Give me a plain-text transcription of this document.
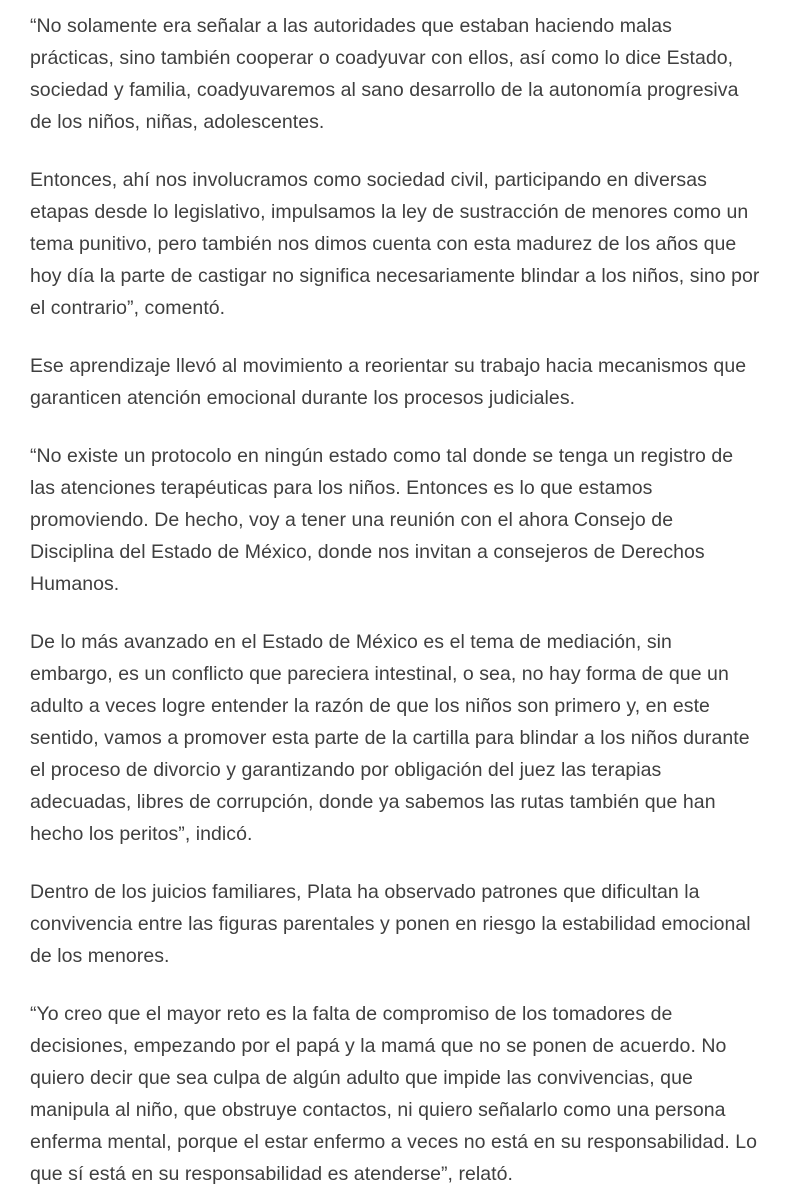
“No solamente era señalar a las autoridades que estaban haciendo malas prácticas, sino también cooperar o coadyuvar con ellos, así como lo dice Estado, sociedad y familia, coadyuvaremos al sano desarrollo de la autonomía progresiva de los niños, niñas, adolescentes.

Entonces, ahí nos involucramos como sociedad civil, participando en diversas etapas desde lo legislativo, impulsamos la ley de sustracción de menores como un tema punitivo, pero también nos dimos cuenta con esta madurez de los años que hoy día la parte de castigar no significa necesariamente blindar a los niños, sino por el contrario”, comentó.

Ese aprendizaje llevó al movimiento a reorientar su trabajo hacia mecanismos que garanticen atención emocional durante los procesos judiciales.

“No existe un protocolo en ningún estado como tal donde se tenga un registro de las atenciones terapéuticas para los niños. Entonces es lo que estamos promoviendo. De hecho, voy a tener una reunión con el ahora Consejo de Disciplina del Estado de México, donde nos invitan a consejeros de Derechos Humanos.

De lo más avanzado en el Estado de México es el tema de mediación, sin embargo, es un conflicto que pareciera intestinal, o sea, no hay forma de que un adulto a veces logre entender la razón de que los niños son primero y, en este sentido, vamos a promover esta parte de la cartilla para blindar a los niños durante el proceso de divorcio y garantizando por obligación del juez las terapias adecuadas, libres de corrupción, donde ya sabemos las rutas también que han hecho los peritos”, indicó.

Dentro de los juicios familiares, Plata ha observado patrones que dificultan la convivencia entre las figuras parentales y ponen en riesgo la estabilidad emocional de los menores.

“Yo creo que el mayor reto es la falta de compromiso de los tomadores de decisiones, empezando por el papá y la mamá que no se ponen de acuerdo. No quiero decir que sea culpa de algún adulto que impide las convivencias, que manipula al niño, que obstruye contactos, ni quiero señalarlo como una persona enferma mental, porque el estar enfermo a veces no está en su responsabilidad. Lo que sí está en su responsabilidad es atenderse”, relató.
